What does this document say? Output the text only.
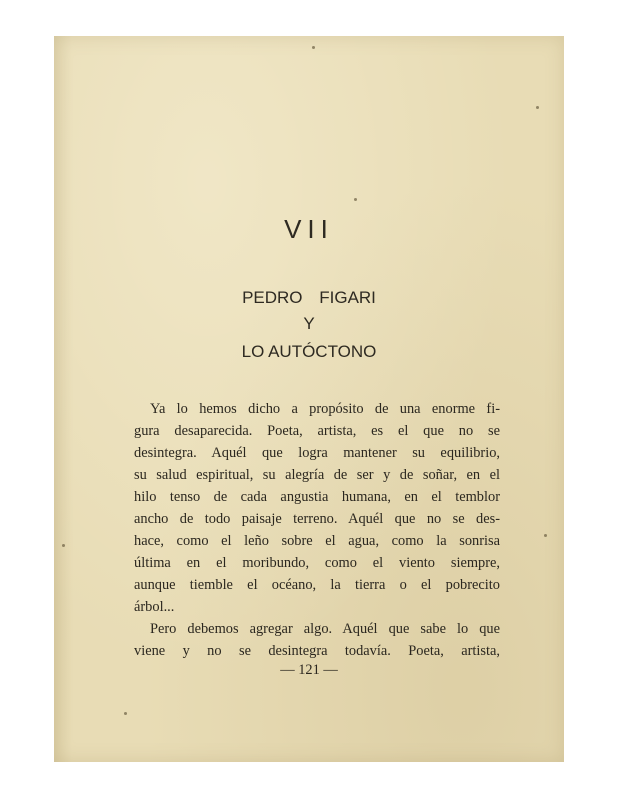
VII
PEDRO FIGARI
Y
LO AUTÓCTONO
Ya lo hemos dicho a propósito de una enorme fi-
gura desaparecida. Poeta, artista, es el que no se
desintegra. Aquél que logra mantener su equilibrio,
su salud espiritual, su alegría de ser y de soñar, en el
hilo tenso de cada angustia humana, en el temblor
ancho de todo paisaje terreno. Aquél que no se des-
hace, como el leño sobre el agua, como la sonrisa
última en el moribundo, como el viento siempre,
aunque tiemble el océano, la tierra o el pobrecito
árbol...
Pero debemos agregar algo. Aquél que sabe lo que
viene y no se desintegra todavía. Poeta, artista,
— 121 —
